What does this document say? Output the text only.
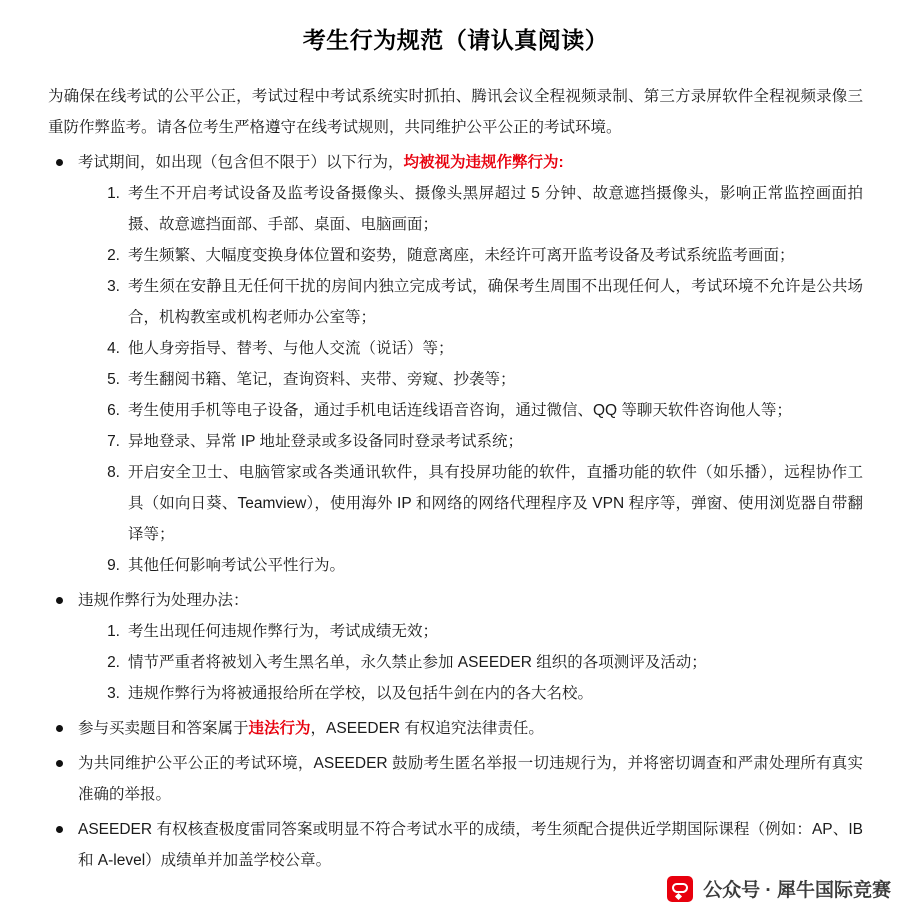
考生行为规范（请认真阅读）

为确保在线考试的公平公正，考试过程中考试系统实时抓拍、腾讯会议全程视频录制、第三方录屏软件全程视频录像三重防作弊监考。请各位考生严格遵守在线考试规则，共同维护公平公正的考试环境。

考试期间，如出现（包含但不限于）以下行为，均被视为违规作弊行为:
1. 考生不开启考试设备及监考设备摄像头、摄像头黑屏超过 5 分钟、故意遮挡摄像头，影响正常监控画面拍摄、故意遮挡面部、手部、桌面、电脑画面；
2. 考生频繁、大幅度变换身体位置和姿势，随意离座，未经许可离开监考设备及考试系统监考画面；
3. 考生须在安静且无任何干扰的房间内独立完成考试，确保考生周围不出现任何人，考试环境不允许是公共场合，机构教室或机构老师办公室等；
4. 他人身旁指导、替考、与他人交流（说话）等；
5. 考生翻阅书籍、笔记，查询资料、夹带、旁窥、抄袭等；
6. 考生使用手机等电子设备，通过手机电话连线语音咨询，通过微信、QQ 等聊天软件咨询他人等；
7. 异地登录、异常 IP 地址登录或多设备同时登录考试系统；
8. 开启安全卫士、电脑管家或各类通讯软件，具有投屏功能的软件，直播功能的软件（如乐播），远程协作工具（如向日葵、Teamview），使用海外 IP 和网络的网络代理程序及 VPN 程序等，弹窗、使用浏览器自带翻译等；
9. 其他任何影响考试公平性行为。
违规作弊行为处理办法：
1. 考生出现任何违规作弊行为，考试成绩无效；
2. 情节严重者将被划入考生黑名单，永久禁止参加 ASEEDER 组织的各项测评及活动；
3. 违规作弊行为将被通报给所在学校，以及包括牛剑在内的各大名校。
参与买卖题目和答案属于违法行为，ASEEDER 有权追究法律责任。
为共同维护公平公正的考试环境，ASEEDER 鼓励考生匿名举报一切违规行为，并将密切调查和严肃处理所有真实准确的举报。
ASEEDER 有权核查极度雷同答案或明显不符合考试水平的成绩，考生须配合提供近学期国际课程（例如：AP、IB 和 A-level）成绩单并加盖学校公章。
公众号 · 犀牛国际竞赛
